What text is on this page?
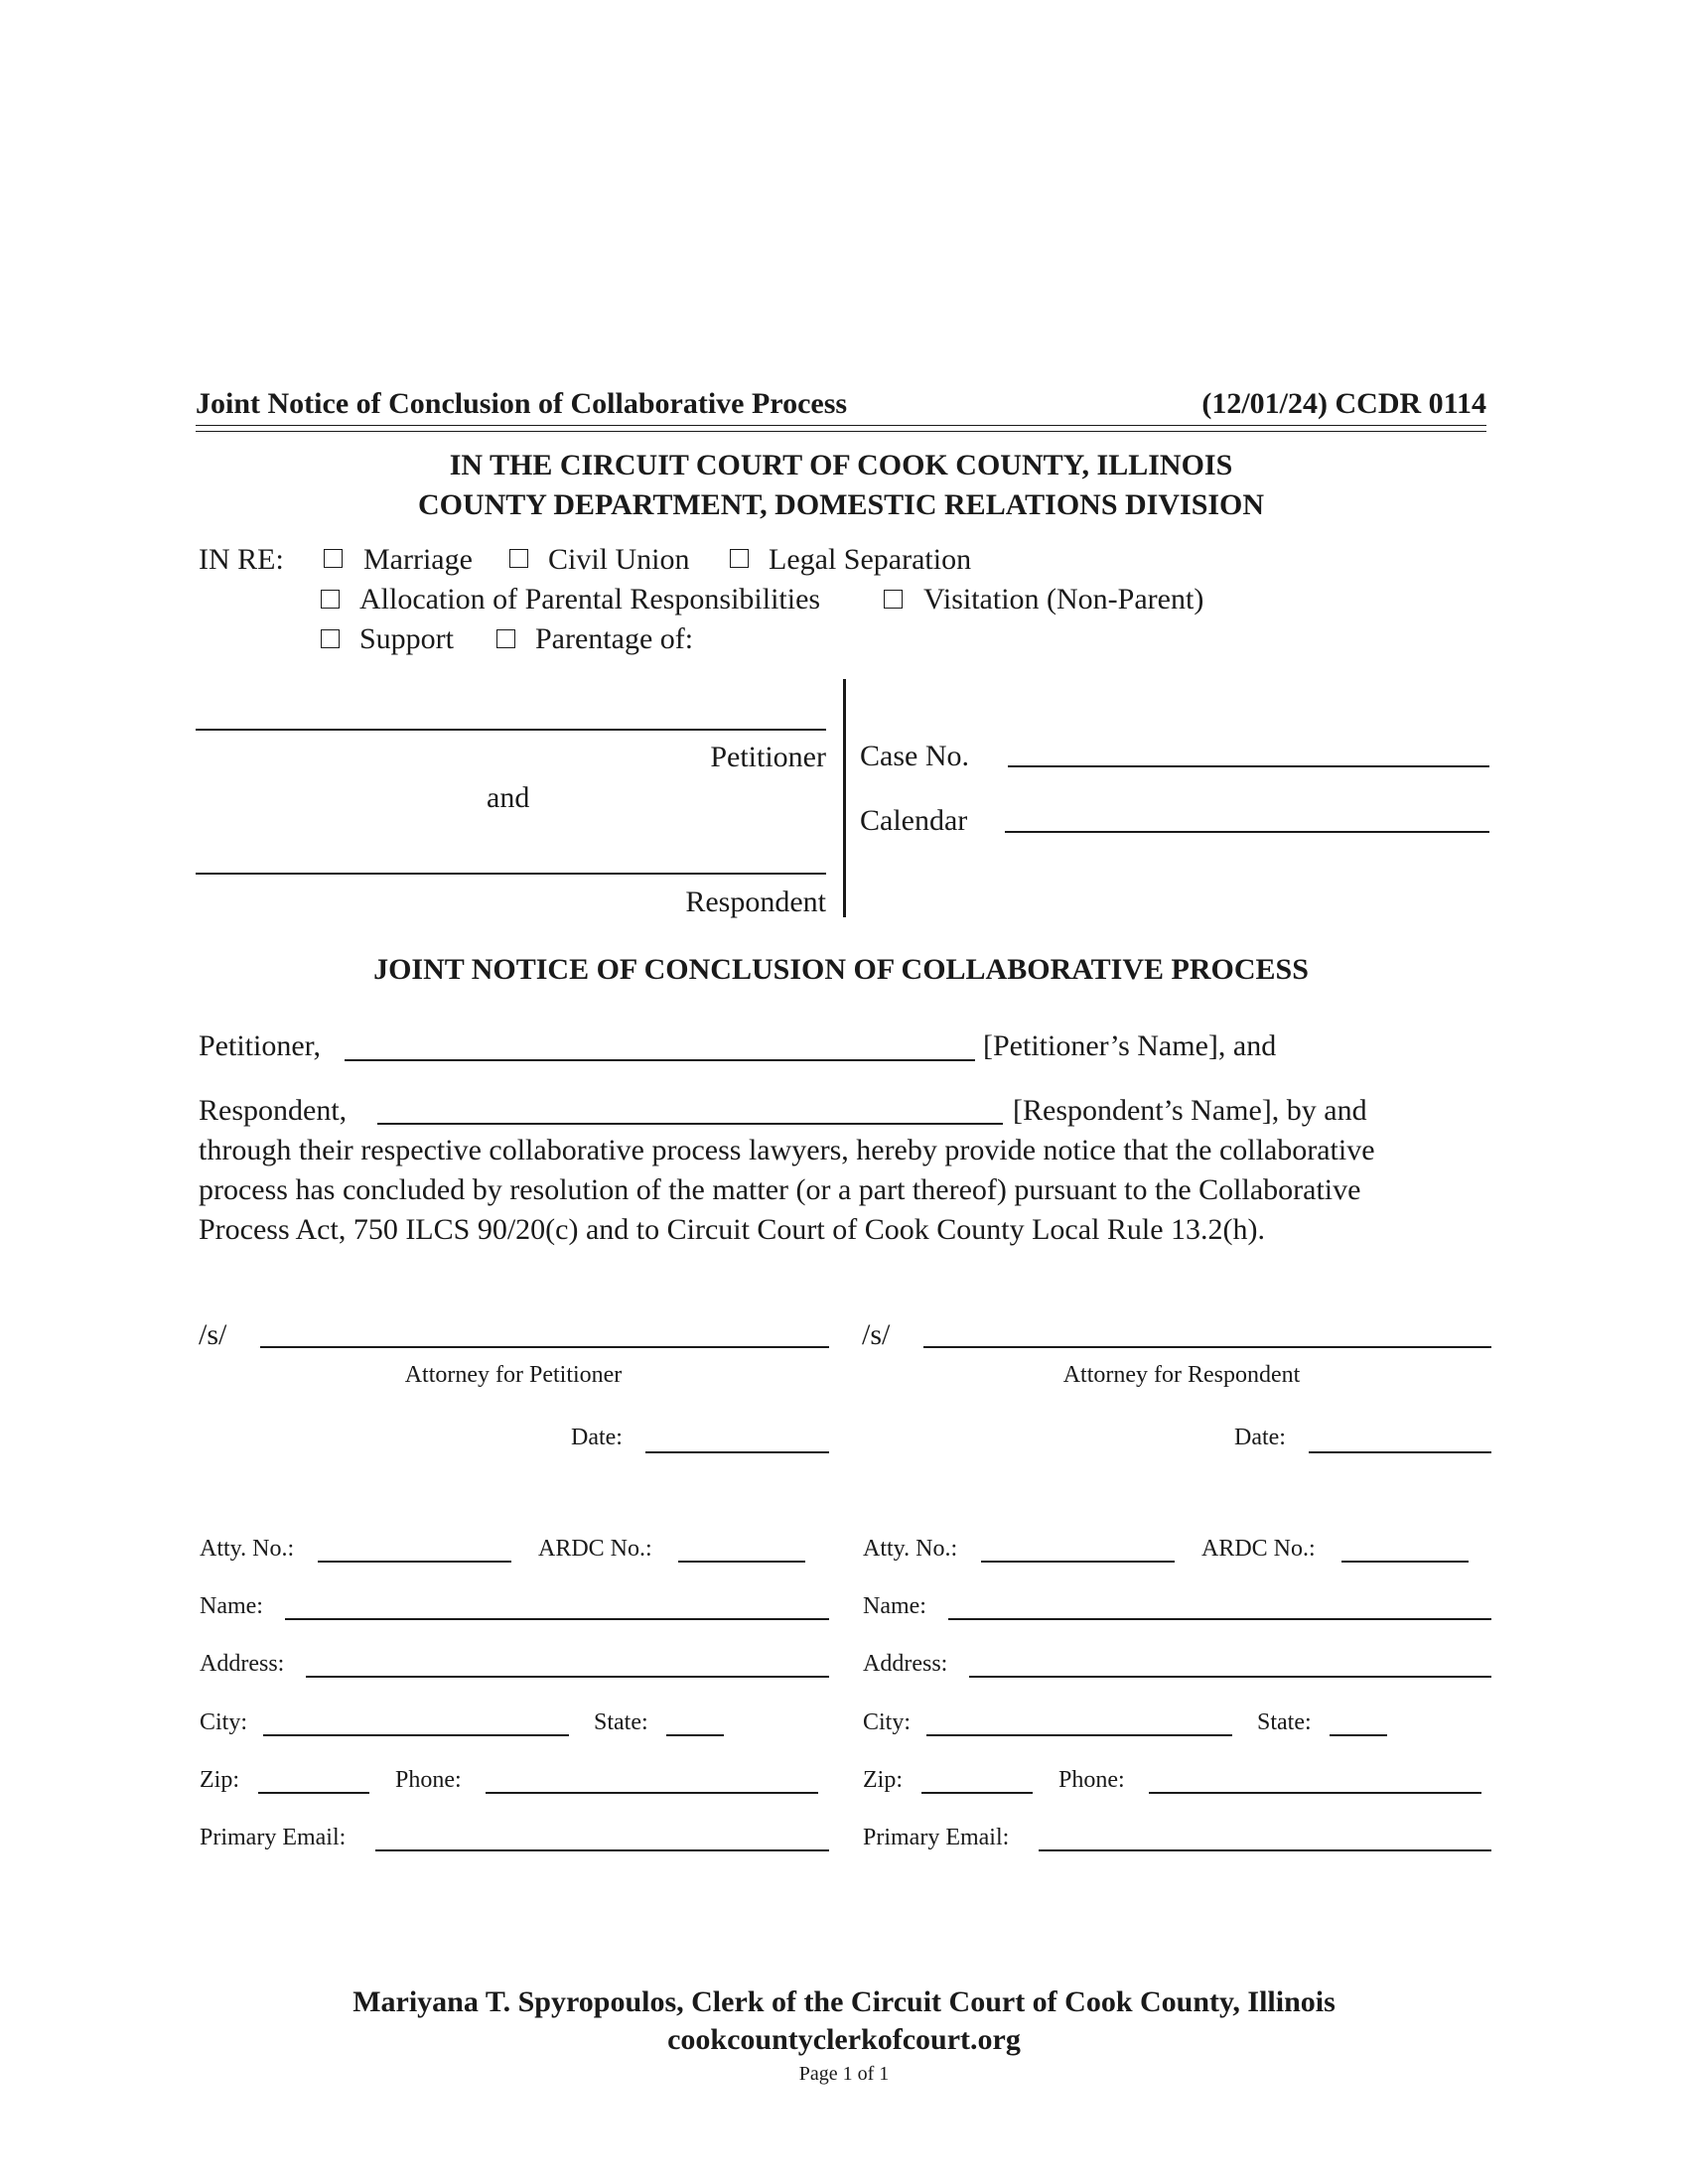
Joint Notice of Conclusion of Collaborative Process	(12/01/24) CCDR 0114
IN THE CIRCUIT COURT OF COOK COUNTY, ILLINOIS
COUNTY DEPARTMENT, DOMESTIC RELATIONS DIVISION
IN RE:	Marriage	Civil Union	Legal Separation
Allocation of Parental Responsibilities	Visitation (Non-Parent)
Support	Parentage of:
Petitioner
and
Respondent
Case No.
Calendar
JOINT NOTICE OF CONCLUSION OF COLLABORATIVE PROCESS
Petitioner,	[Petitioner’s Name], and
Respondent,	[Respondent’s Name], by and
through their respective collaborative process lawyers, hereby provide notice that the collaborative
process has concluded by resolution of the matter (or a part thereof) pursuant to the Collaborative
Process Act, 750 ILCS 90/20(c) and to Circuit Court of Cook County Local Rule 13.2(h).
/s/
Attorney for Petitioner
Date:
/s/
Attorney for Respondent
Date:
Atty. No.:	ARDC No.:
Name:
Address:
City:	State:
Zip:	Phone:
Primary Email:
Atty. No.:	ARDC No.:
Name:
Address:
City:	State:
Zip:	Phone:
Primary Email:
Mariyana T. Spyropoulos, Clerk of the Circuit Court of Cook County, Illinois
cookcountyclerkofcourt.org
Page 1 of 1
